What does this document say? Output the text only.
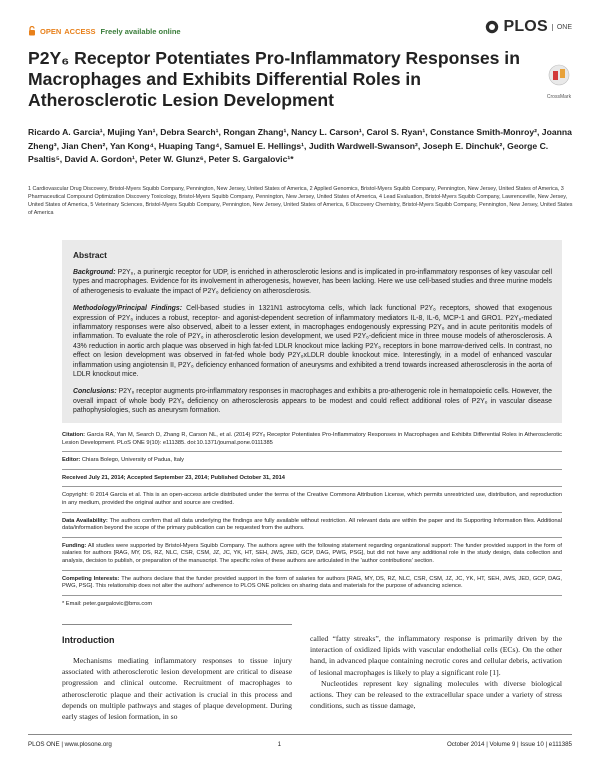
OPEN ACCESS Freely available online	PLOS	ONE
P2Y₆ Receptor Potentiates Pro-Inflammatory Responses in Macrophages and Exhibits Differential Roles in Atherosclerotic Lesion Development	CrossMark
Ricardo A. Garcia¹, Mujing Yan¹, Debra Search¹, Rongan Zhang¹, Nancy L. Carson¹, Carol S. Ryan¹, Constance Smith-Monroy², Joanna Zheng³, Jian Chen², Yan Kong⁴, Huaping Tang⁴, Samuel E. Hellings¹, Judith Wardwell-Swanson², Joseph E. Dinchuk², George C. Psaltis⁵, David A. Gordon¹, Peter W. Glunz⁶, Peter S. Gargalovic¹*
1 Cardiovascular Drug Discovery, Bristol-Myers Squibb Company, Pennington, New Jersey, United States of America, 2 Applied Genomics, Bristol-Myers Squibb Company, Pennington, New Jersey, United States of America, 3 Pharmaceutical Compound Optimization Discovery Toxicology, Bristol-Myers Squibb Company, Pennington, New Jersey, United States of America, 4 Lead Evaluation, Bristol-Myers Squibb Company, Lawrenceville, New Jersey, United States of America, 5 Veterinary Sciences, Bristol-Myers Squibb Company, Pennington, New Jersey, United States of America, 6 Discovery Chemistry, Bristol-Myers Squibb Company, Pennington, New Jersey, United States of America
Abstract

Background: P2Y₆, a purinergic receptor for UDP, is enriched in atherosclerotic lesions and is implicated in pro-inflammatory responses of key vascular cell types and macrophages. Evidence for its involvement in atherogenesis, however, has been lacking. Here we use cell-based studies and three murine models of atherogenesis to evaluate the impact of P2Y₆ deficiency on atherosclerosis.

Methodology/Principal Findings: Cell-based studies in 1321N1 astrocytoma cells, which lack functional P2Y₆ receptors, showed that exogenous expression of P2Y₆ induces a robust, receptor- and agonist-dependent secretion of inflammatory mediators IL-8, IL-6, MCP-1 and GRO1. P2Y₆-mediated inflammatory responses were also observed, albeit to a lesser extent, in macrophages endogenously expressing P2Y₆ and in acute peritonitis models of inflammation. To evaluate the role of P2Y₆ in atherosclerotic lesion development, we used P2Y₆-deficient mice in three mouse models of atherosclerosis. A 43% reduction in aortic arch plaque was observed in high fat-fed LDLR knockout mice lacking P2Y₆ receptors in bone marrow-derived cells. In contrast, no effect on lesion development was observed in fat-fed whole body P2Y₆xLDLR double knockout mice. Interestingly, in a model of enhanced vascular inflammation using angiotensin II, P2Y₆ deficiency enhanced formation of aneurysms and exhibited a trend towards increased atherosclerosis in the aorta of LDLR knockout mice.

Conclusions: P2Y₆ receptor augments pro-inflammatory responses in macrophages and exhibits a pro-atherogenic role in hematopoietic cells. However, the overall impact of whole body P2Y₆ deficiency on atherosclerosis appears to be modest and could reflect additional roles of P2Y₆ in vascular disease pathophysiologies, such as aneurysm formation.

Citation: Garcia RA, Yan M, Search D, Zhang R, Carson NL, et al. (2014) P2Y₆ Receptor Potentiates Pro-Inflammatory Responses in Macrophages and Exhibits Differential Roles in Atherosclerotic Lesion Development. PLoS ONE 9(10): e111385. doi:10.1371/journal.pone.0111385
Editor: Chiara Bolego, University of Padua, Italy
Received July 21, 2014; Accepted September 23, 2014; Published October 31, 2014
Copyright: © 2014 Garcia et al. This is an open-access article distributed under the terms of the Creative Commons Attribution License, which permits unrestricted use, distribution, and reproduction in any medium, provided the original author and source are credited.
Data Availability: The authors confirm that all data underlying the findings are fully available without restriction. All relevant data are within the paper and its Supporting Information files. Additional data/information beyond the scope of the primary publication can be requested from the authors.
Funding: All studies were supported by Bristol-Myers Squibb Company. The authors agree with the following statement regarding organizational support: The funder provided support in the form of salaries for authors [RAG, MY, DS, RZ, NLC, CSR, CSM, JZ, JC, YK, HT, SEH, JWS, JED, GCP, DAG, PWG, PSG], but did not have any additional role in the study design, data collection and analysis, decision to publish, or preparation of the manuscript. The specific roles of these authors are articulated in the 'author contributions' section.
Competing Interests: The authors declare that the funder provided support in the form of salaries for authors [RAG, MY, DS, RZ, NLC, CSR, CSM, JZ, JC, YK, HT, SEH, JWS, JED, GCP, DAG, PWG, PSG]. This relationship does not alter the authors' adherence to PLOS ONE policies on sharing data and materials for the purpose of advancing science.
* Email: peter.gargalovic@bms.com
Introduction

Mechanisms mediating inflammatory responses to tissue injury associated with atherosclerotic lesion development are critical to disease progression and clinical outcome. Recruitment of macrophages to atherosclerotic plaque and their activation is crucial in this process and depends on multiple pathways and stages of plaque development. During early stages of lesion formation, in so

called “fatty streaks”, the inflammatory response is primarily driven by the interaction of oxidized lipids with vascular endothelial cells (ECs). On the other hand, in advanced plaque containing necrotic cores and cellular debris, activation of lesional macrophages is likely to play a significant role [1].

Nucleotides represent key signaling molecules with diverse biological actions. They can be released to the extracellular space under a variety of stress conditions, such as tissue damage,

PLOS ONE | www.plosone.org	1	October 2014 | Volume 9 | Issue 10 | e111385
